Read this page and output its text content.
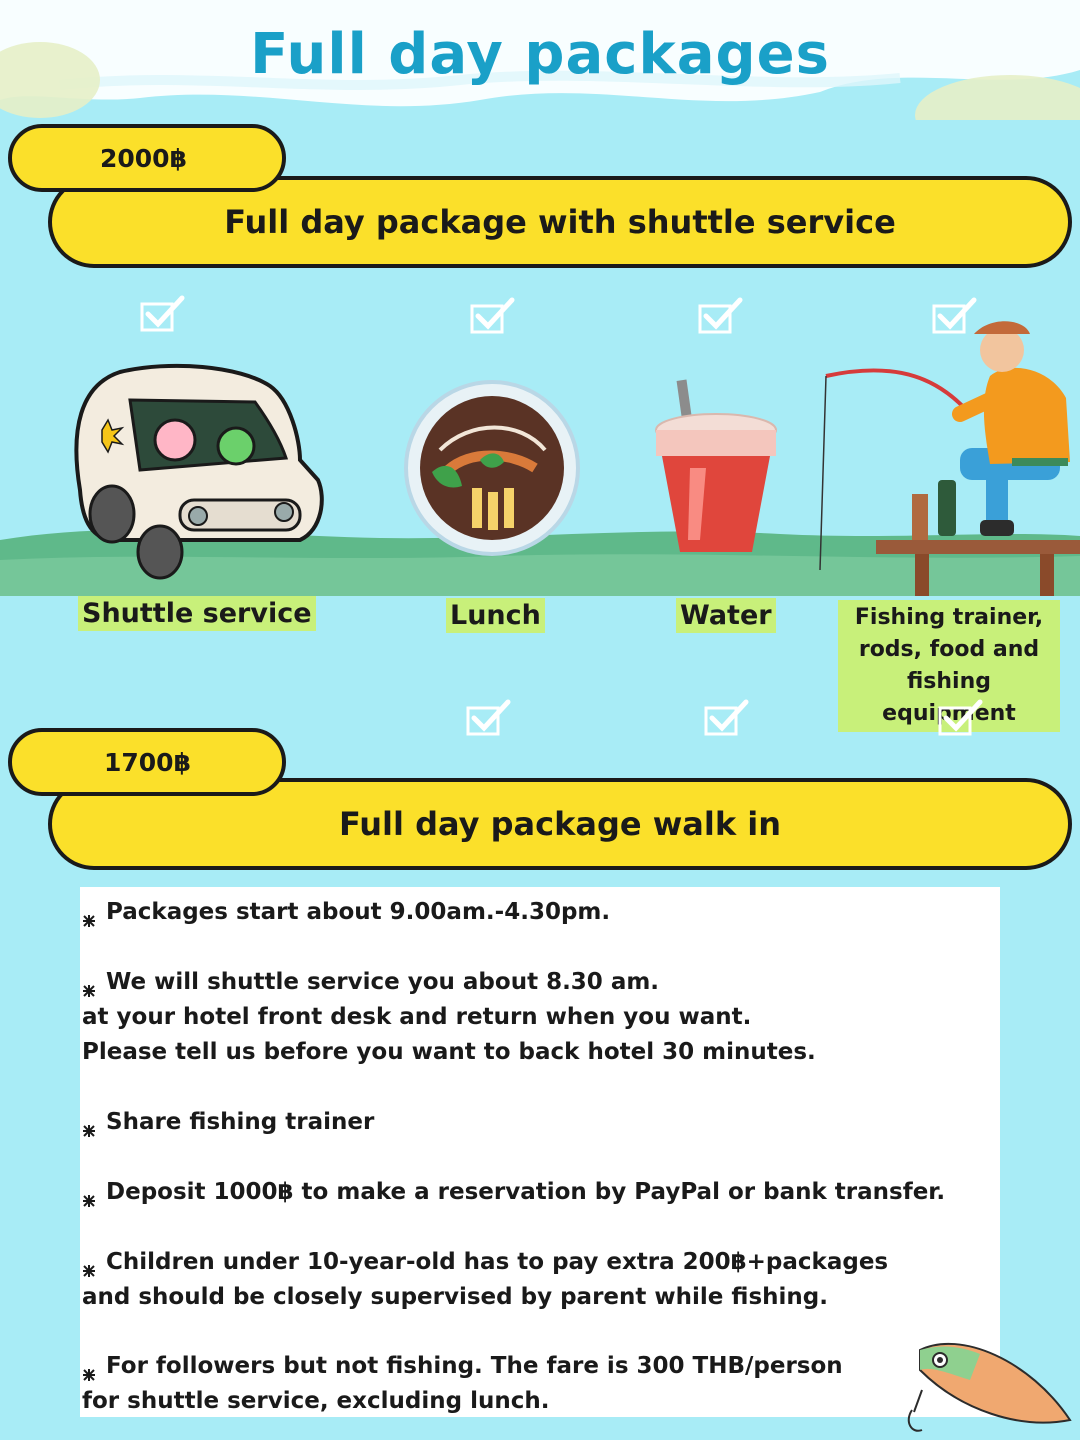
Full day packages
2000฿
Full day package with shuttle service
Shuttle service	Lunch	Water	Fishing trainer,
rods, food and
fishing equipment
1700฿
Full day package walk in
Packages start about 9.00am.-4.30pm.
We will shuttle service you about 8.30 am.
at your hotel front desk and return when you want.
Please tell us before you want to back hotel 30 minutes.
Share fishing trainer
Deposit 1000฿ to make a reservation by PayPal or bank transfer.
Children under 10-year-old has to pay extra 200฿+packages
and should be closely supervised by parent while fishing.
For followers but not fishing. The fare is 300 THB/person
for shuttle service, excluding lunch.
